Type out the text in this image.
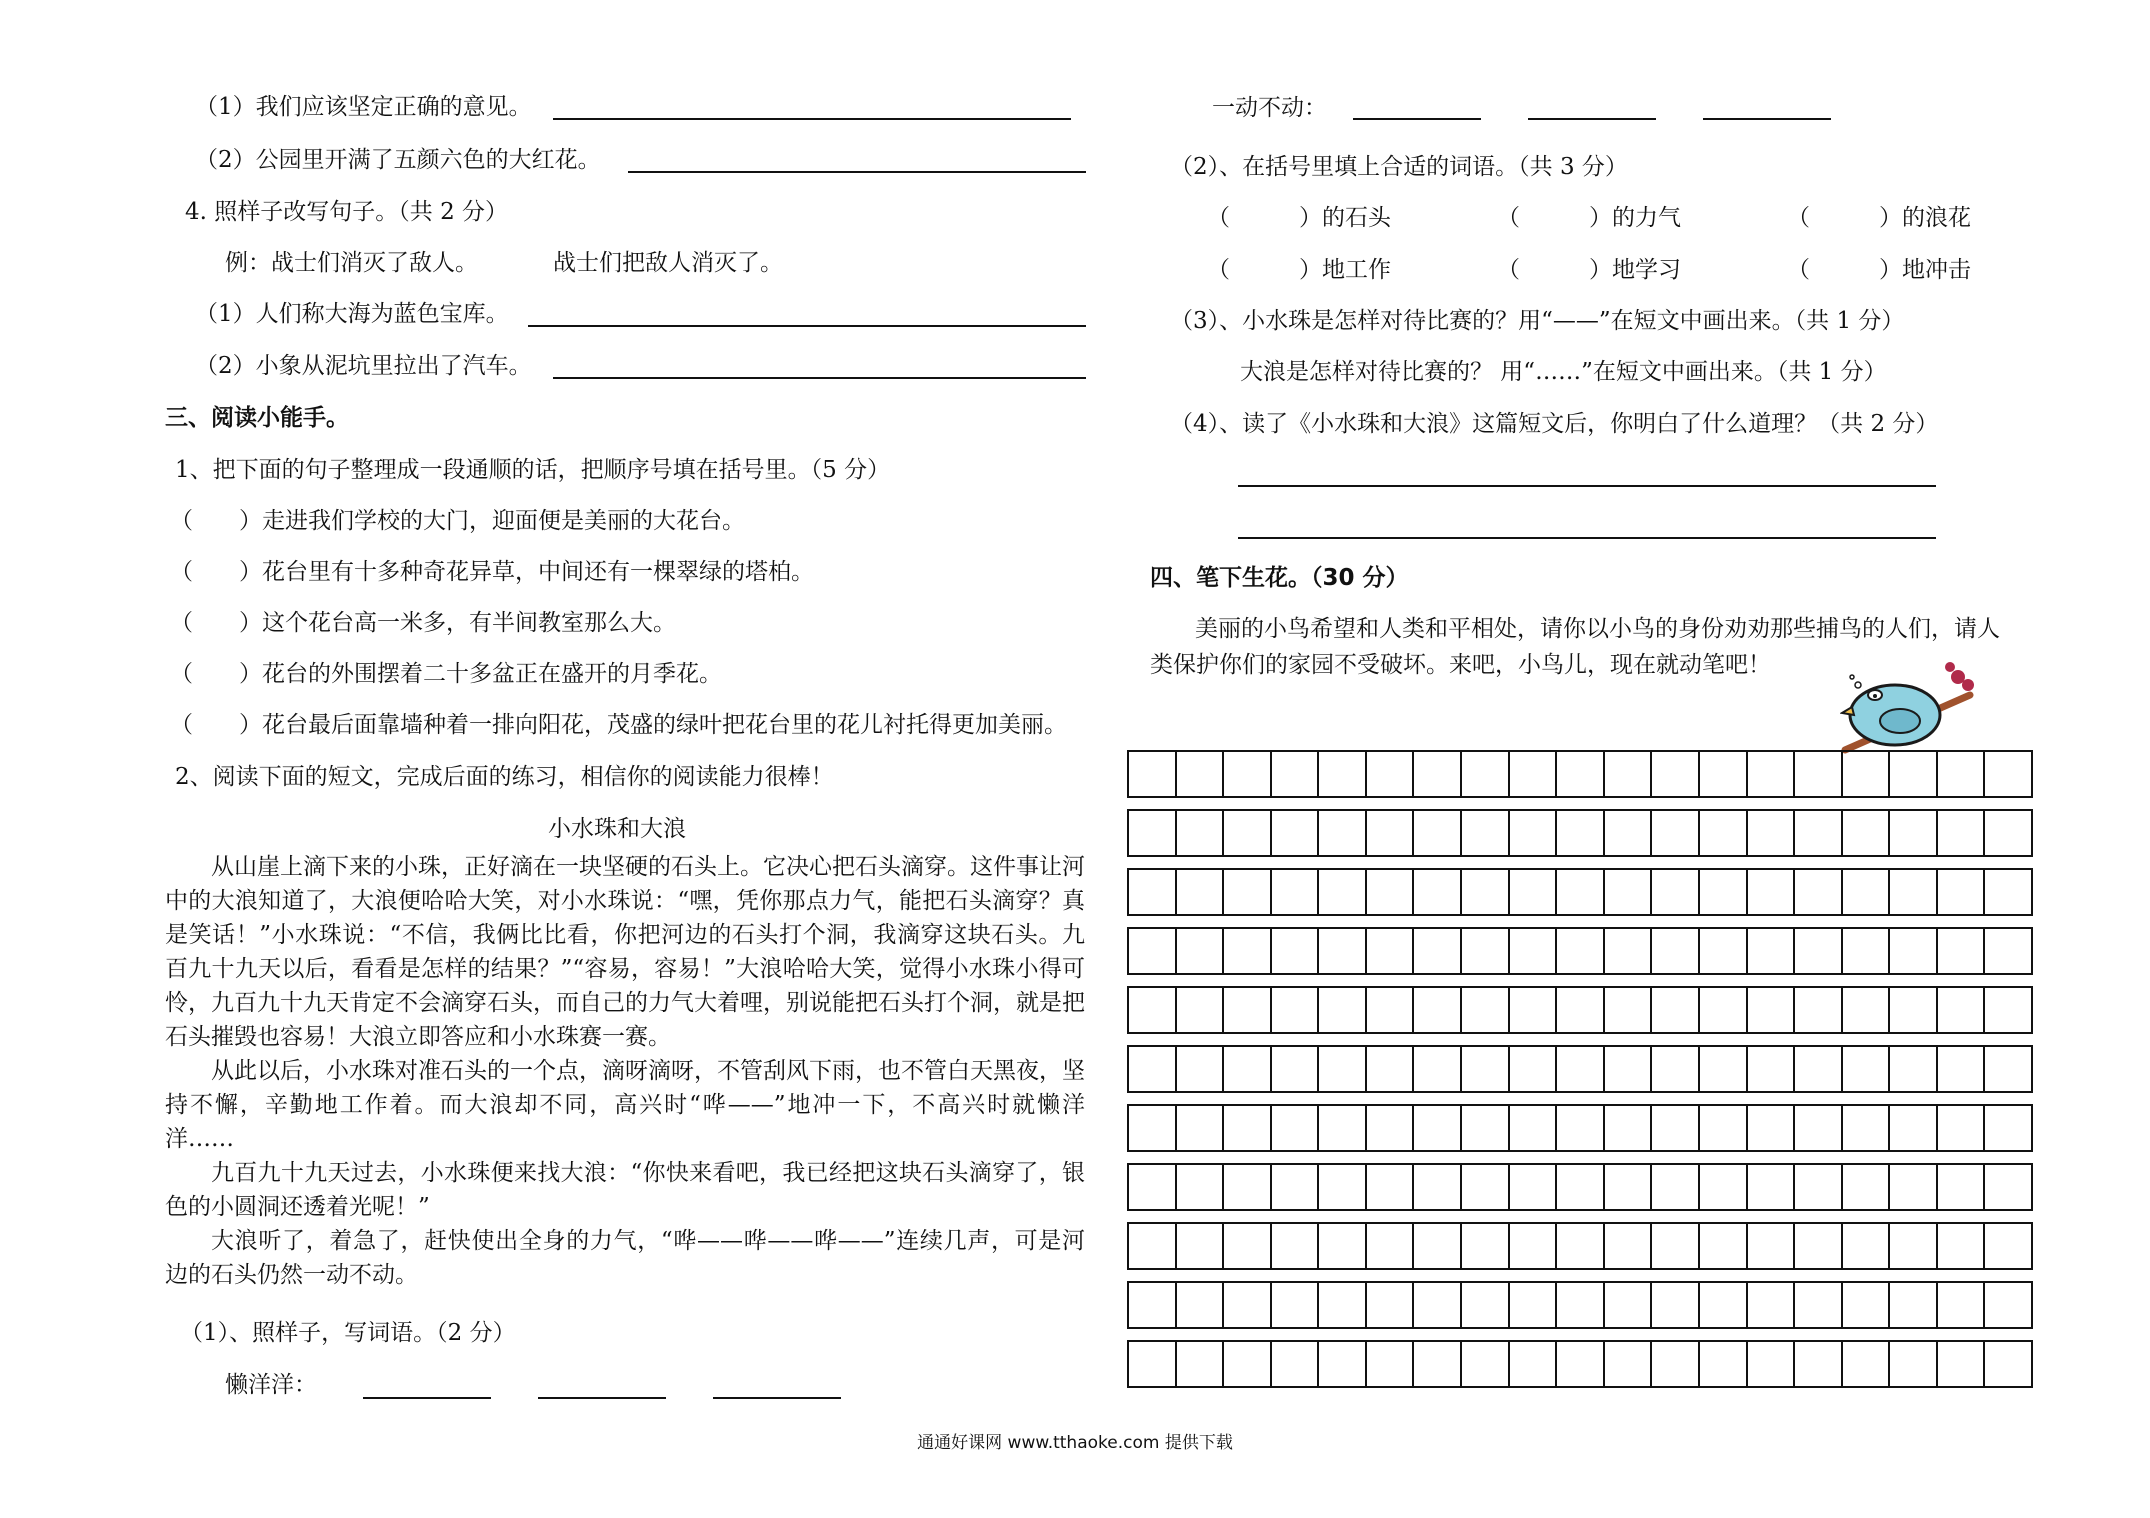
（1）我们应该坚定正确的意见。
（2）公园里开满了五颜六色的大红花。
4. 照样子改写句子。（共 2 分）
例：战士们消灭了敌人。	战士们把敌人消灭了。
（1）人们称大海为蓝色宝库。
（2）小象从泥坑里拉出了汽车。
三、阅读小能手。
1、把下面的句子整理成一段通顺的话，把顺序号填在括号里。（5 分）
（　　）走进我们学校的大门，迎面便是美丽的大花台。
（　　）花台里有十多种奇花异草，中间还有一棵翠绿的塔柏。
（　　）这个花台高一米多，有半间教室那么大。
（　　）花台的外围摆着二十多盆正在盛开的月季花。
（　　）花台最后面靠墙种着一排向阳花，茂盛的绿叶把花台里的花儿衬托得更加美丽。
2、阅读下面的短文，完成后面的练习，相信你的阅读能力很棒！
小水珠和大浪

从山崖上滴下来的小珠，正好滴在一块坚硬的石头上。它决心把石头滴穿。这件事让河中的大浪知道了，大浪便哈哈大笑，对小水珠说：“嘿，凭你那点力气，能把石头滴穿？真是笑话！”小水珠说：“不信，我俩比比看，你把河边的石头打个洞，我滴穿这块石头。九百九十九天以后，看看是怎样的结果？”“容易，容易！”大浪哈哈大笑，觉得小水珠小得可怜，九百九十九天肯定不会滴穿石头，而自己的力气大着哩，别说能把石头打个洞，就是把石头摧毁也容易！大浪立即答应和小水珠赛一赛。

从此以后，小水珠对准石头的一个点，滴呀滴呀，不管刮风下雨，也不管白天黑夜，坚持不懈，辛勤地工作着。而大浪却不同，高兴时“哗——”地冲一下，不高兴时就懒洋洋……

九百九十九天过去，小水珠便来找大浪：“你快来看吧，我已经把这块石头滴穿了，银色的小圆洞还透着光呢！”

大浪听了，着急了，赶快使出全身的力气，“哗——哗——哗——”连续几声，可是河边的石头仍然一动不动。

（1）、照样子，写词语。（2 分）
懒洋洋：
一动不动：
（2）、在括号里填上合适的词语。（共 3 分）
（　　　）的石头	（　　　）的力气	（　　　）的浪花
（　　　）地工作	（　　　）地学习	（　　　）地冲击
（3）、小水珠是怎样对待比赛的？用“——”在短文中画出来。（共 1 分）
大浪是怎样对待比赛的？ 用“……”在短文中画出来。（共 1 分）
（4）、读了《小水珠和大浪》这篇短文后，你明白了什么道理？（共 2 分）
四、笔下生花。（30 分）
美丽的小鸟希望和人类和平相处，请你以小鸟的身份劝劝那些捕鸟的人们，请人
类保护你们的家园不受破坏。来吧，小鸟儿，现在就动笔吧！
通通好课网 www.tthaoke.com 提供下载
